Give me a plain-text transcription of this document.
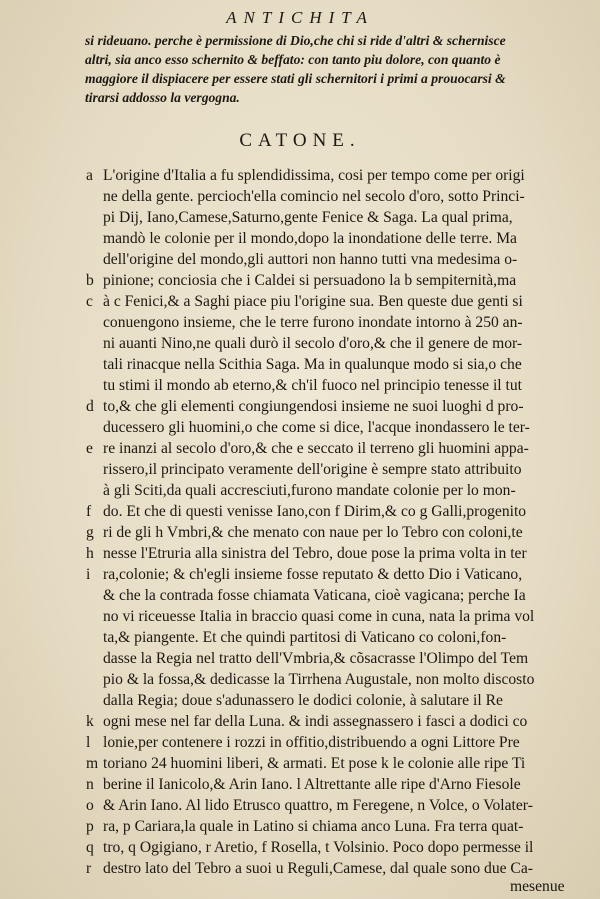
ANTICHITA
si rideuano. perche è permissione di Dio,che chi si ride d'altri & schernisce
altri, sia anco esso schernito & beffato: con tanto piu dolore, con quanto è
maggiore il dispiacere per essere stati gli schernitori i primi a prouocarsi &
tirarsi addosso la vergogna.
CATONE.
L'origine d'Italia a fu splendidissima, cosi per tempo come per origi
ne della gente. percioch'ella comincio nel secolo d'oro, sotto Princi-
pi Dij, Iano,Camese,Saturno,gente Fenice & Saga. La qual prima,
mandò le colonie per il mondo,dopo la inondatione delle terre. Ma
dell'origine del mondo,gli auttori non hanno tutti vna medesima o-
pinione; conciosia che i Caldei si persuadono la b sempiternità,ma
à c Fenici,& a Saghi piace piu l'origine sua. Ben queste due genti si
conuengono insieme, che le terre furono inondate intorno à 250 an-
ni auanti Nino,ne quali durò il secolo d'oro,& che il genere de mor-
tali rinacque nella Scithia Saga. Ma in qualunque modo si sia,o che
tu stimi il mondo ab eterno,& ch'il fuoco nel principio tenesse il tut
to,& che gli elementi congiungendosi insieme ne suoi luoghi d pro-
ducessero gli huomini,o che come si dice, l'acque inondassero le ter-
re inanzi al secolo d'oro,& che e seccato il terreno gli huomini appa-
rissero,il principato veramente dell'origine è sempre stato attribuito
à gli Sciti,da quali accresciuti,furono mandate colonie per lo mon-
do. Et che di questi venisse Iano,con f Dirim,& co g Galli,progenito
ri de gli h Vmbri,& che menato con naue per lo Tebro con coloni,te
nesse l'Etruria alla sinistra del Tebro, doue pose la prima volta in ter
ra,colonie; & ch'egli insieme fosse reputato & detto Dio i Vaticano,
& che la contrada fosse chiamata Vaticana, cioè vagicana; perche Ia
no vi riceuesse Italia in braccio quasi come in cuna, nata la prima vol
ta,& piangente. Et che quindi partitosi di Vaticano co coloni,fon-
dasse la Regia nel tratto dell'Vmbria,& cõsacrasse l'Olimpo del Tem
pio & la fossa,& dedicasse la Tirrhena Augustale, non molto discosto
dalla Regia; doue s'adunassero le dodici colonie, à salutare il Re
ogni mese nel far della Luna. & indi assegnassero i fasci a dodici co
lonie,per contenere i rozzi in offitio,distribuendo a ogni Littore Pre
toriano 24 huomini liberi, & armati. Et pose k le colonie alle ripe Ti
berine il Ianicolo,& Arin Iano. l Altrettante alle ripe d'Arno Fiesole
& Arin Iano. Al lido Etrusco quattro, m Feregene, n Volce, o Volater-
ra, p Cariara,la quale in Latino si chiama anco Luna. Fra terra quat-
tro, q Ogigiano, r Aretio, f Rosella, t Volsinio. Poco dopo permesse il
destro lato del Tebro a suoi u Reguli,Camese, dal quale sono due Ca-
mesenue
a
b
c
d
e
f
g
h
i
k
l
m
n
o
p
q
r
